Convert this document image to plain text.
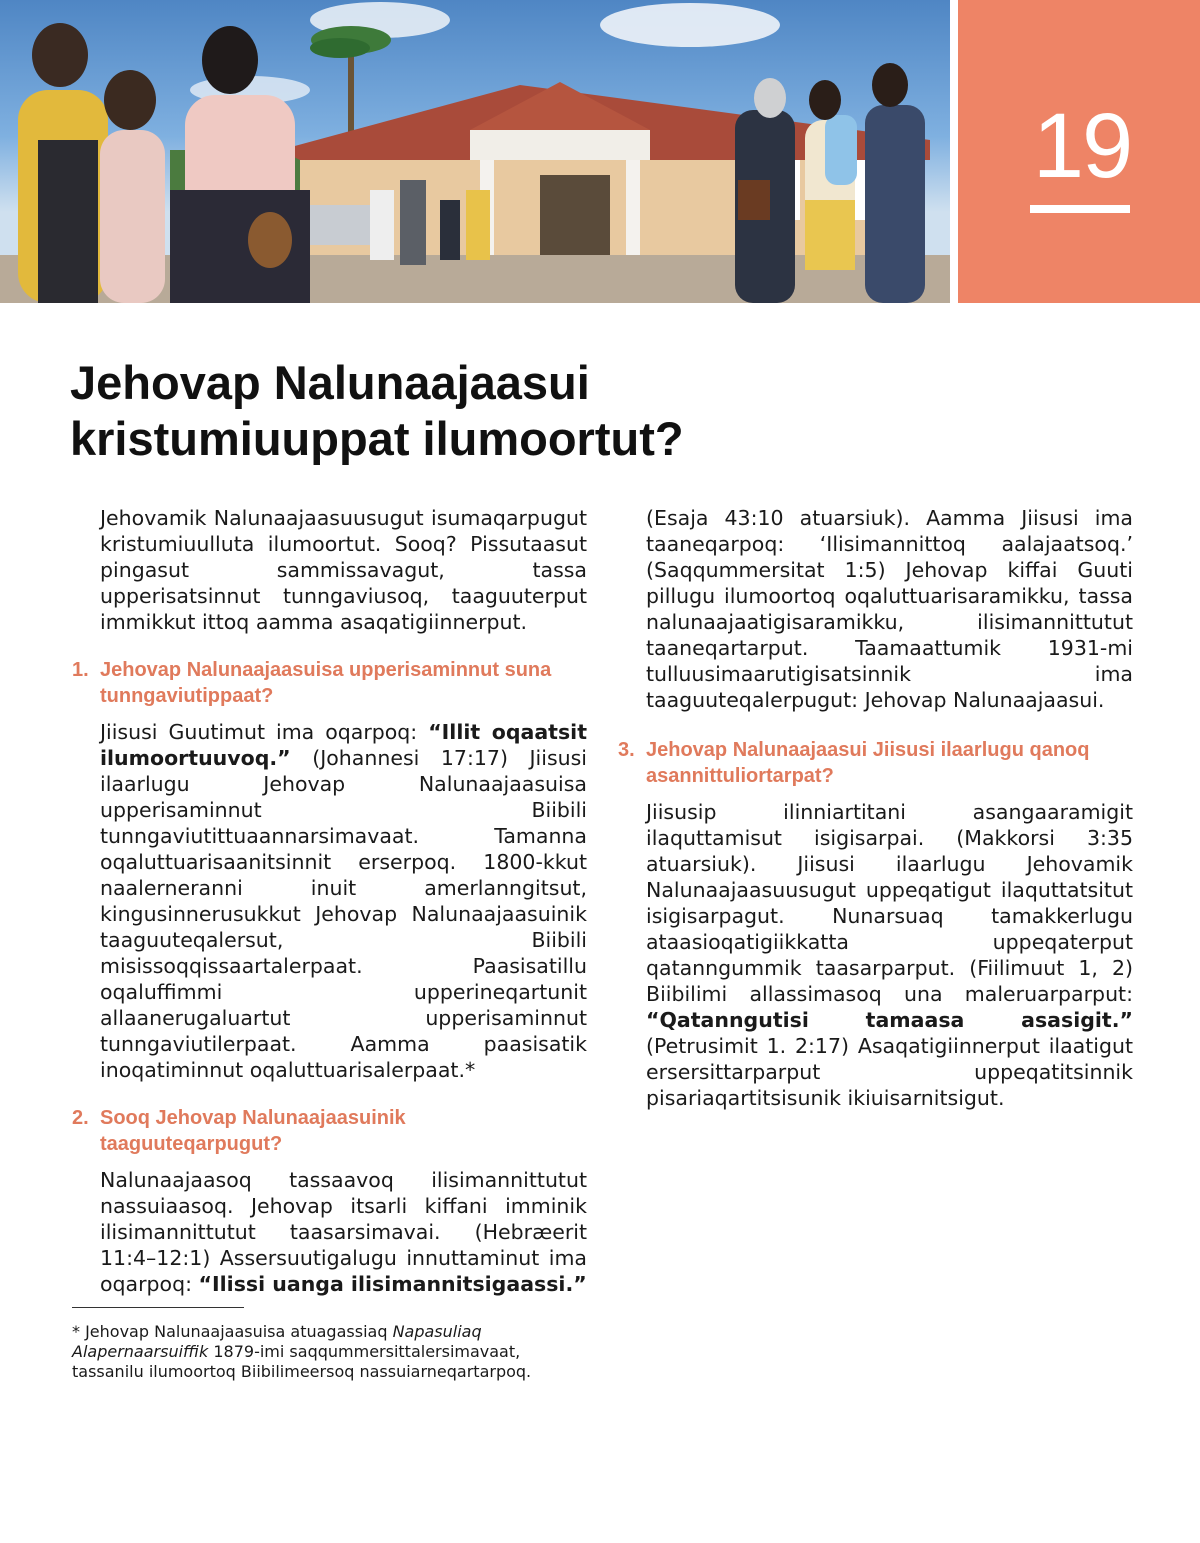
19
Jehovap Nalunaajaasui
kristumiuuppat ilumoortut?

Jehovamik Nalunaajaasuusugut isumaqarpugut kristumiuulluta ilumoortut. Sooq? Pissutaasut pingasut sammissavagut, tassa upperisatsinnut tunngaviusoq, taaguuterput immikkut ittoq aamma asaqatigiinnerput.

1. Jehovap Nalunaajaasuisa upperisaminnut suna tunngaviutippaat?

Jiisusi Guutimut ima oqarpoq: “Illit oqaatsit ilumoortuuvoq.” (Johannesi 17:17) Jiisusi ilaarlugu Jehovap Nalunaajaasuisa upperisaminnut Biibili tunngaviutittuaannarsimavaat. Tamanna oqaluttuarisaanitsinnit erserpoq. 1800-kkut naalerneranni inuit amerlanngitsut, kingusinnerusukkut Jehovap Nalunaajaasuinik taaguuteqalersut, Biibili misissoqqissaartalerpaat. Paasisatillu oqaluffimmi upperineqartunit allaanerugaluartut upperisaminnut tunngaviutilerpaat. Aamma paasisatik inoqatiminnut oqaluttuarisalerpaat.*

2. Sooq Jehovap Nalunaajaasuinik taaguuteqarpugut?

Nalunaajaasoq tassaavoq ilisimannittutut nassuiaasoq. Jehovap itsarli kiffani imminik ilisimannittutut taasarsimavai. (Hebræerit 11:4–12:1) Assersuutigalugu innuttaminut ima oqarpoq: “Ilissi uanga ilisimannitsigaassi.”

(Esaja 43:10 atuarsiuk). Aamma Jiisusi ima taaneqarpoq: ‘Ilisimannittoq aalajaatsoq.’ (Saqqummersitat 1:5) Jehovap kiffai Guuti pillugu ilumoortoq oqaluttuarisaramikku, tassa nalunaajaatigisaramikku, ilisimannittutut taaneqartarput. Taamaattumik 1931-mi tulluusimaarutigisatsinnik ima taaguuteqalerpugut: Jehovap Nalunaajaasui.

3. Jehovap Nalunaajaasui Jiisusi ilaarlugu qanoq asannittuliortarpat?

Jiisusip ilinniartitani asangaaramigit ilaquttamisut isigisarpai. (Makkorsi 3:35 atuarsiuk). Jiisusi ilaarlugu Jehovamik Nalunaajaasuusugut uppeqatigut ilaquttatsitut isigisarpagut. Nunarsuaq tamakkerlugu ataasioqatigiikkatta uppeqaterput qatanngummik taasarparput. (Fiilimuut 1, 2) Biibilimi allassimasoq una maleruarparput: “Qatanngutisi tamaasa asasigit.” (Petrusimit 1. 2:17) Asaqatigiinnerput ilaatigut ersersittarparput uppeqatitsinnik pisariaqartitsisunik ikiuisarnitsigut.

* Jehovap Nalunaajaasuisa atuagassiaq Napasuliaq Alapernaarsuiffik 1879-imi saqqummersittalersimavaat, tassanilu ilumoortoq Biibilimeersoq nassuiarneqartarpoq.
